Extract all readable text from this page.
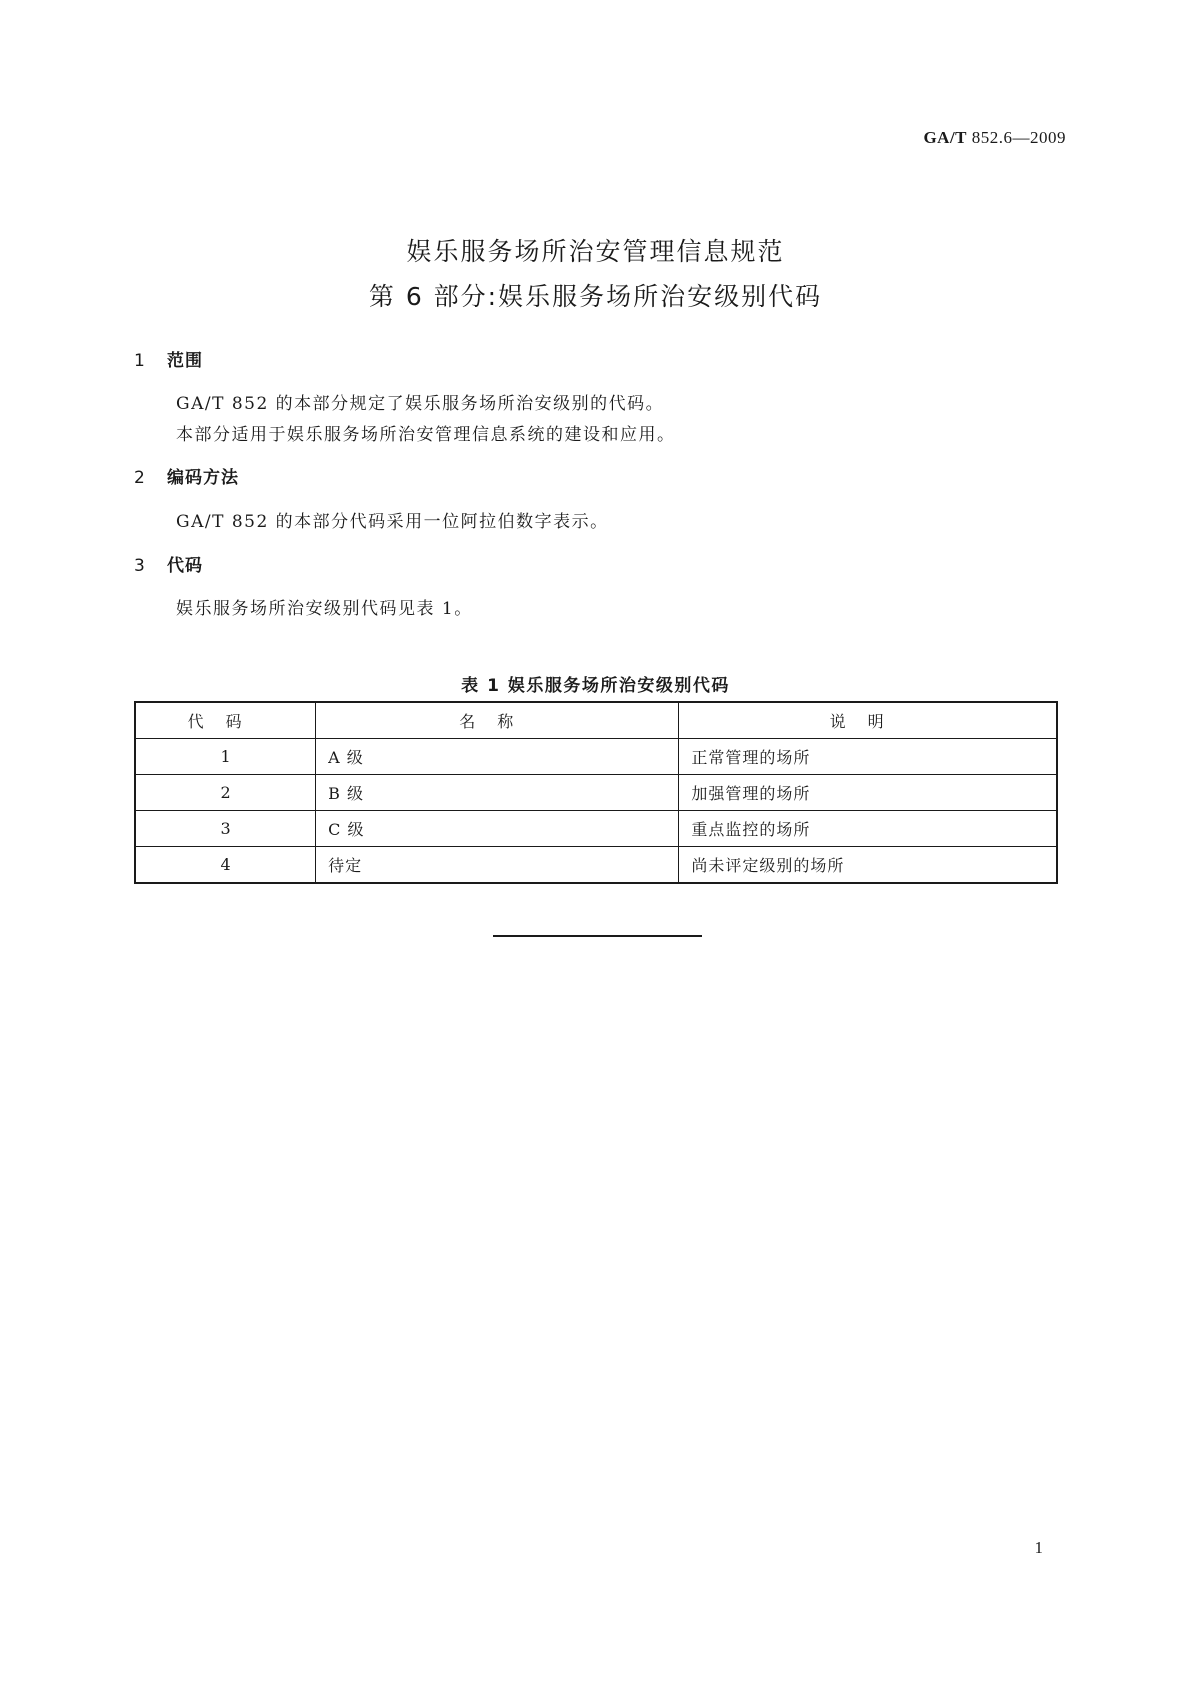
GA/T 852.6—2009
娱乐服务场所治安管理信息规范
第 6 部分:娱乐服务场所治安级别代码
1 范围
GA/T 852 的本部分规定了娱乐服务场所治安级别的代码。
本部分适用于娱乐服务场所治安管理信息系统的建设和应用。
2 编码方法
GA/T 852 的本部分代码采用一位阿拉伯数字表示。
3 代码
娱乐服务场所治安级别代码见表 1。
表 1 娱乐服务场所治安级别代码
代码	名称	说明
1	A 级	正常管理的场所
2	B 级	加强管理的场所
3	C 级	重点监控的场所
4	待定	尚未评定级别的场所
1
